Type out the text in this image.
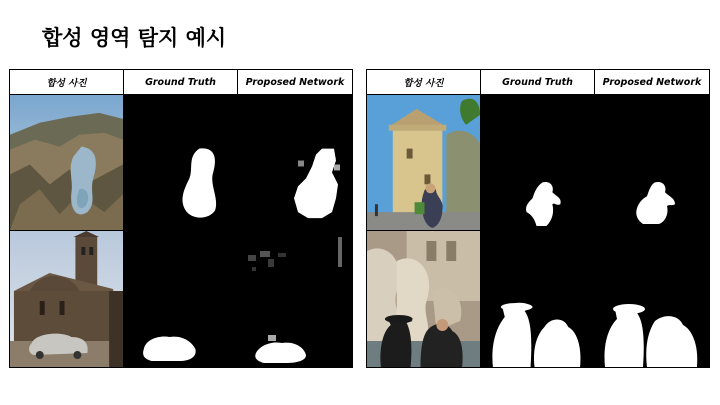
합성 영역 탐지 예시
합성 사진	Ground Truth	Proposed Network	합성 사진	Ground Truth	Proposed Network
